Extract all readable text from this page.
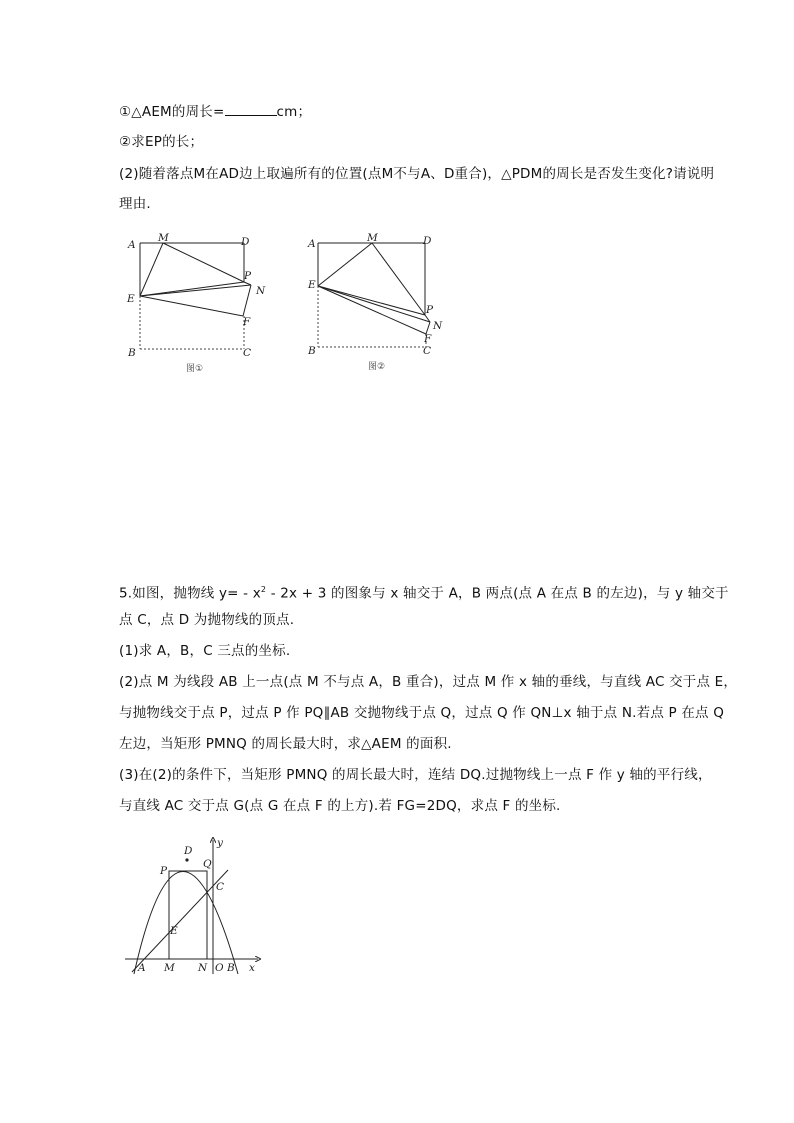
①△AEM的周长=	cm；
②求EP的长；
(2)随着落点M在AD边上取遍所有的位置(点M不与A、D重合)，△PDM的周长是否发生变化?请说明
理由.
A
M	D
P
N
E
F
B	C
图①
A	M	D
E
P
N
F
B	C
图②
5.如图，抛物线 $y= - x^2 - 2x + 3$ 的图象与 x 轴交于 A，B 两点(点 A 在点 B 的左边)，与 y 轴交于
点 C，点 D 为抛物线的顶点.
(1)求 A，B，C 三点的坐标.
(2)点 M 为线段 AB 上一点(点 M 不与点 A，B 重合)，过点 M 作 x 轴的垂线，与直线 AC 交于点 E，
与抛物线交于点 P，过点 P 作 PQ∥AB 交抛物线于点 Q，过点 Q 作 QN⊥x 轴于点 N.若点 P 在点 Q
左边，当矩形 PMNQ 的周长最大时，求△AEM 的面积.
(3)在(2)的条件下，当矩形 PMNQ 的周长最大时，连结 DQ.过抛物线上一点 F 作 y 轴的平行线，
与直线 AC 交于点 G(点 G 在点 F 的上方).若 FG=2DQ，求点 F 的坐标.
y
x
D
P
Q
C
E
A M N O B
